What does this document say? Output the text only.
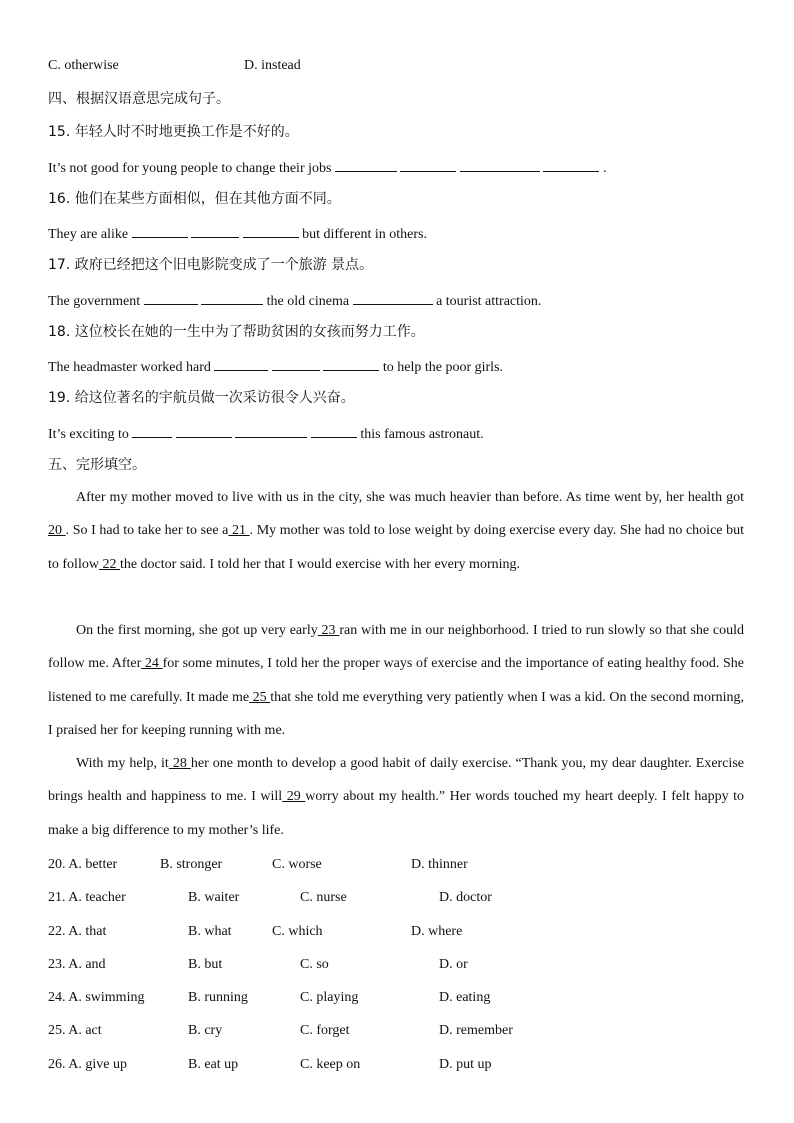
C. otherwise	D. instead
四、根据汉语意思完成句子。
15. 年轻人时不时地更换工作是不好的。
It’s not good for young people to change their jobs	.
16. 他们在某些方面相似，但在其他方面不同。
They are alike	but different in others.
17. 政府已经把这个旧电影院变成了一个旅游 景点。
The government	the old cinema	a tourist attraction.
18. 这位校长在她的一生中为了帮助贫困的女孩而努力工作。
The headmaster worked hard	to help the poor girls.
19. 给这位著名的宇航员做一次采访很令人兴奋。
It’s exciting to	this famous astronaut.
五、完形填空。
After my mother moved to live with us in the city, she was much heavier than before. As time went by, her health got 20 . So I had to take her to see a 21 . My mother was told to lose weight by doing exercise every day. She had no choice but to follow 22 the doctor said. I told her that I would exercise with her every morning.
On the first morning, she got up very early 23 ran with me in our neighborhood. I tried to run slowly so that she could follow me. After 24 for some minutes, I told her the proper ways of exercise and the importance of eating healthy food. She listened to me carefully. It made me 25 that she told me everything very patiently when I was a kid. On the second morning, I praised her for keeping running with me.
With my help, it 28 her one month to develop a good habit of daily exercise. “Thank you, my dear daughter. Exercise brings health and happiness to me. I will 29 worry about my health.” Her words touched my heart deeply. I felt happy to make a big difference to my mother’s life.
20. A. better	B. stronger	C. worse	D. thinner
21. A. teacher	B. waiter	C. nurse	D. doctor
22. A. that	B. what	C. which	D. where
23. A. and	B. but	C. so	D. or
24. A. swimming	B. running	C. playing	D. eating
25. A. act	B. cry	C. forget	D. remember
26. A. give up	B. eat up	C. keep on	D. put up
